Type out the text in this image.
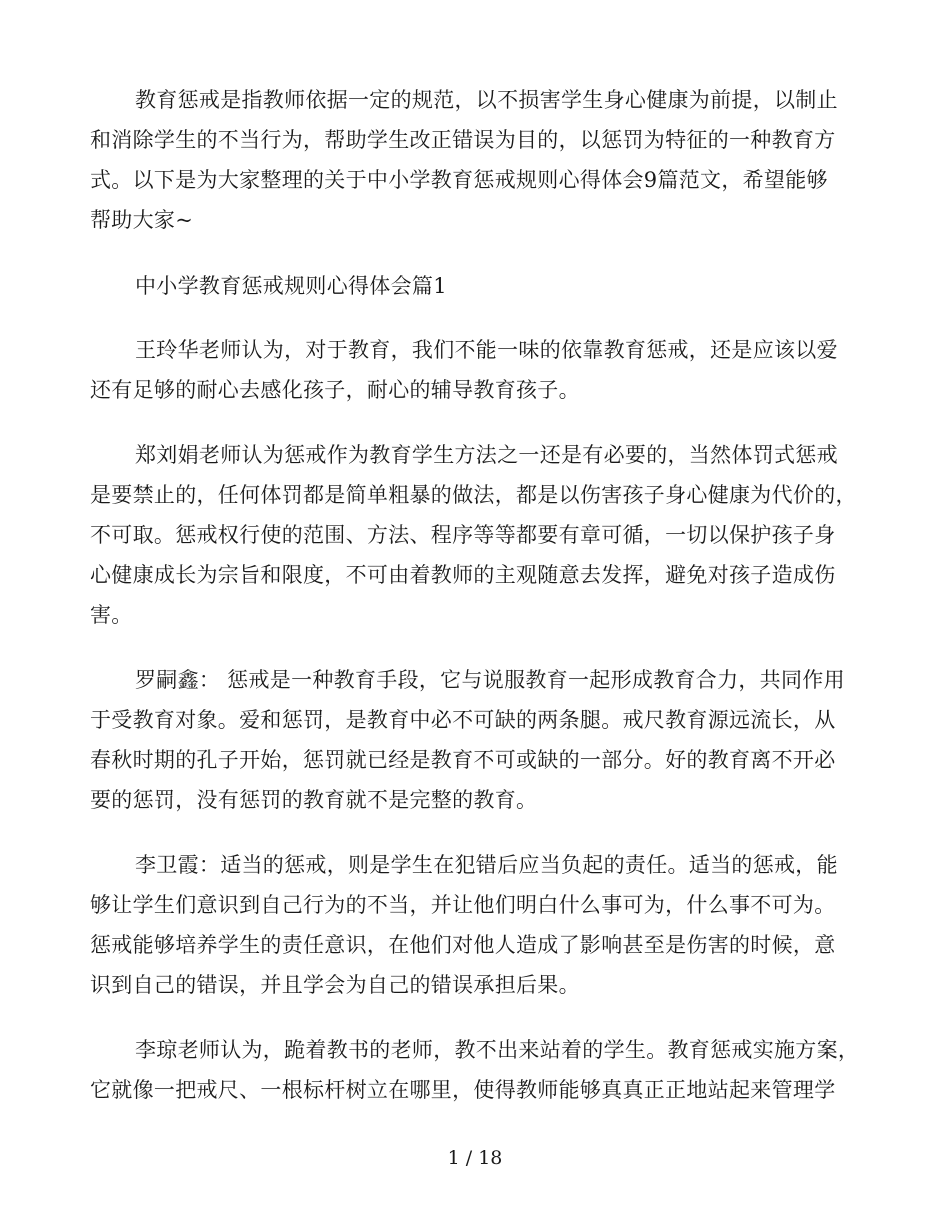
教育惩戒是指教师依据一定的规范，以不损害学生身心健康为前提，以制止
和消除学生的不当行为，帮助学生改正错误为目的，以惩罚为特征的一种教育方
式。以下是为大家整理的关于中小学教育惩戒规则心得体会9篇范文，希望能够
帮助大家~
中小学教育惩戒规则心得体会篇1
王玲华老师认为，对于教育，我们不能一味的依靠教育惩戒，还是应该以爱
还有足够的耐心去感化孩子，耐心的辅导教育孩子。
郑刘娟老师认为惩戒作为教育学生方法之一还是有必要的，当然体罚式惩戒
是要禁止的，任何体罚都是简单粗暴的做法，都是以伤害孩子身心健康为代价的，
不可取。惩戒权行使的范围、方法、程序等等都要有章可循，一切以保护孩子身
心健康成长为宗旨和限度，不可由着教师的主观随意去发挥，避免对孩子造成伤
害。
罗嗣鑫： 惩戒是一种教育手段，它与说服教育一起形成教育合力，共同作用
于受教育对象。爱和惩罚，是教育中必不可缺的两条腿。戒尺教育源远流长，从
春秋时期的孔子开始，惩罚就已经是教育不可或缺的一部分。好的教育离不开必
要的惩罚，没有惩罚的教育就不是完整的教育。
李卫霞：适当的惩戒，则是学生在犯错后应当负起的责任。适当的惩戒，能
够让学生们意识到自己行为的不当，并让他们明白什么事可为，什么事不可为。
惩戒能够培养学生的责任意识，在他们对他人造成了影响甚至是伤害的时候，意
识到自己的错误，并且学会为自己的错误承担后果。
李琼老师认为，跪着教书的老师，教不出来站着的学生。教育惩戒实施方案，
它就像一把戒尺、一根标杆树立在哪里，使得教师能够真真正正地站起来管理学
1 / 18
